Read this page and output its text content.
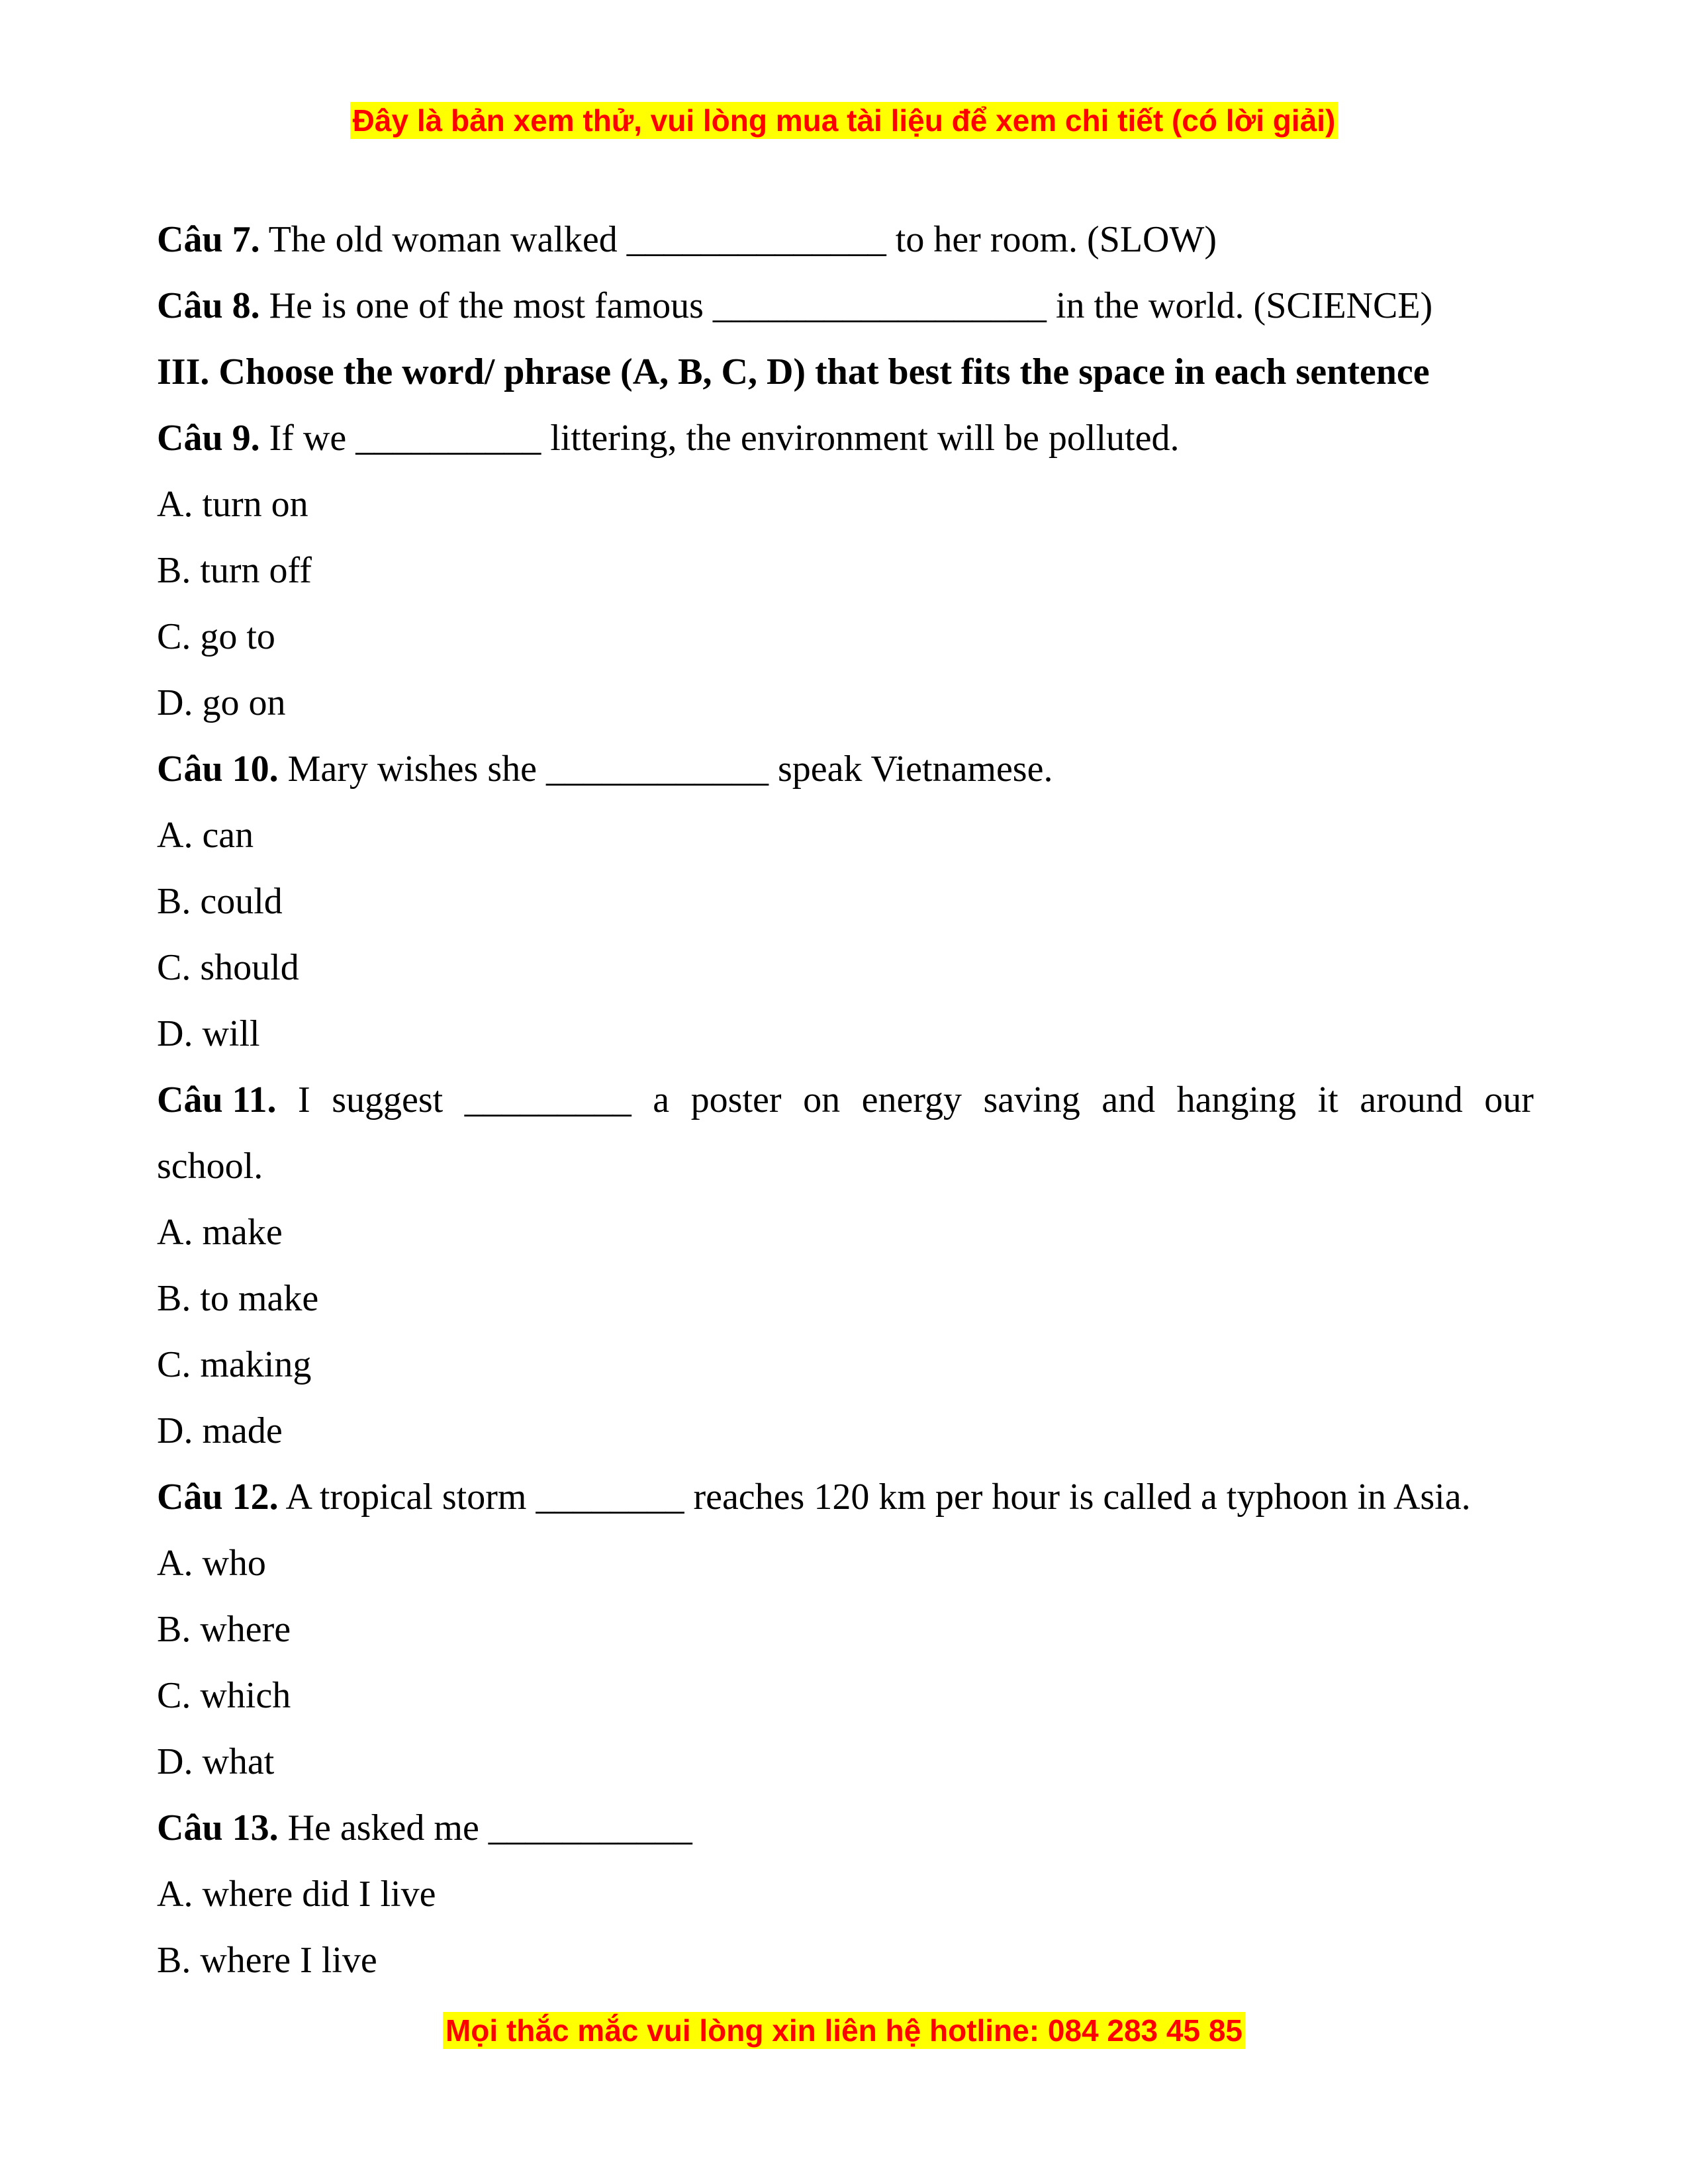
Đây là bản xem thử, vui lòng mua tài liệu để xem chi tiết (có lời giải)
Câu 7. The old woman walked ______________ to her room. (SLOW)
Câu 8. He is one of the most famous __________________ in the world. (SCIENCE)
III. Choose the word/ phrase (A, B, C, D) that best fits the space in each sentence
Câu 9. If we __________ littering, the environment will be polluted.
A. turn on
B. turn off
C. go to
D. go on
Câu 10. Mary wishes she ____________ speak Vietnamese.
A. can
B. could
C. should
D. will
Câu 11. I suggest _________ a poster on energy saving and hanging it around our
school.
A. make
B. to make
C. making
D. made
Câu 12. A tropical storm ________ reaches 120 km per hour is called a typhoon in Asia.
A. who
B. where
C. which
D. what
Câu 13. He asked me ___________
A. where did I live
B. where I live
Mọi thắc mắc vui lòng xin liên hệ hotline: 084 283 45 85
